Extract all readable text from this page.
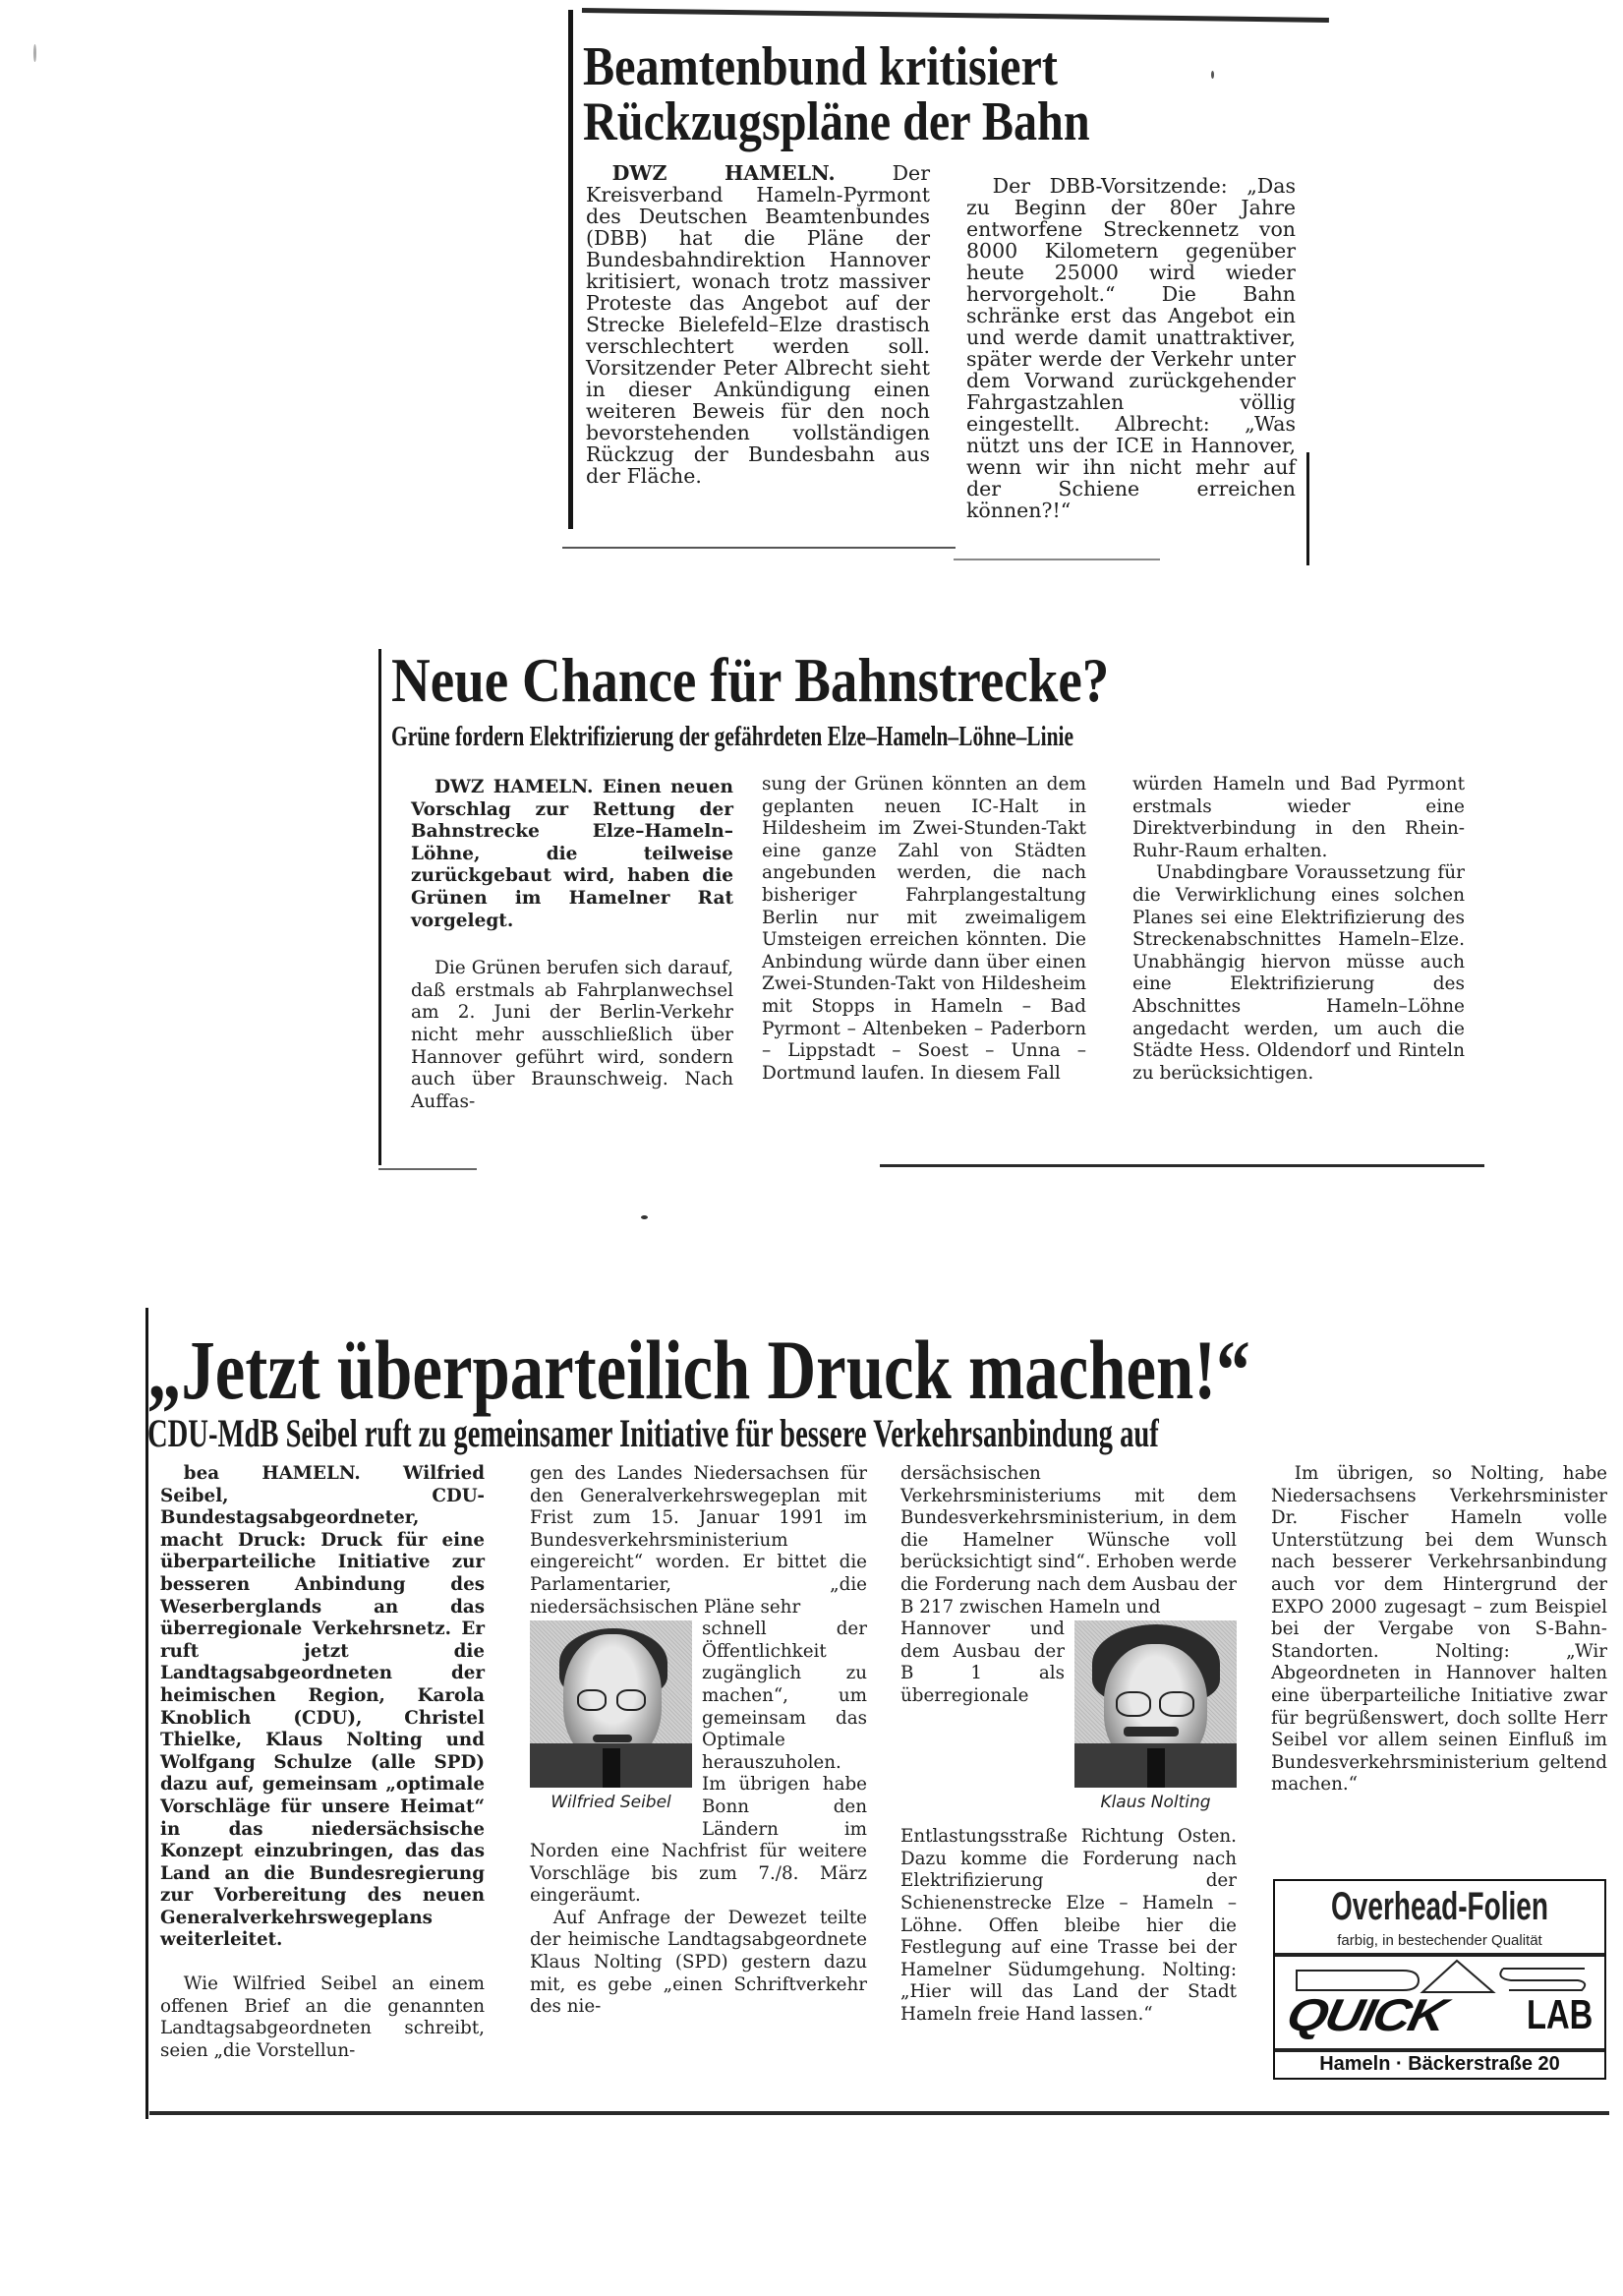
Beamtenbund kritisiert
Rückzugspläne der Bahn

DWZ HAMELN.	Der Kreisverband Hameln-Pyrmont des Deutschen Beamtenbundes (DBB) hat die Pläne der Bundesbahndirektion Hannover kritisiert, wonach trotz massiver Proteste das Angebot auf der Strecke Bielefeld–Elze drastisch verschlechtert werden soll. Vorsitzender Peter Albrecht sieht in dieser Ankündigung einen weiteren Beweis für den noch bevorstehenden vollständigen Rückzug der Bundesbahn aus der Fläche.

Der DBB-Vorsitzende: „Das zu Beginn der 80er Jahre entworfene Streckennetz von 8000 Kilometern gegenüber heute 25000 wird wieder hervorgeholt.“ Die Bahn schränke erst das Angebot ein und werde damit unattraktiver, später werde der Verkehr unter dem Vorwand zurückgehender Fahrgastzahlen völlig eingestellt. Albrecht: „Was nützt uns der ICE in Hannover, wenn wir ihn nicht mehr auf der Schiene erreichen können?!“

Neue Chance für Bahnstrecke?
Grüne fordern Elektrifizierung der gefährdeten Elze–Hameln–Löhne–Linie

DWZ HAMELN. Einen neuen Vorschlag zur Rettung der Bahnstrecke Elze–Hameln–Löhne, die teilweise zurückgebaut wird, haben die Grünen im Hamelner Rat vorgelegt.

Die Grünen berufen sich darauf, daß erstmals ab Fahrplanwechsel am 2. Juni der Berlin-Verkehr nicht mehr ausschließlich über Hannover geführt wird, sondern auch über Braunschweig. Nach Auffas-

sung der Grünen könnten an dem geplanten neuen IC-Halt in Hildesheim im Zwei-Stunden-Takt eine ganze Zahl von Städten angebunden werden, die nach bisheriger Fahrplangestaltung Berlin nur mit zweimaligem Umsteigen erreichen könnten. Die Anbindung würde dann über einen Zwei-Stunden-Takt von Hildesheim mit Stopps in Hameln – Bad Pyrmont – Altenbeken – Paderborn – Lippstadt – Soest – Unna – Dortmund laufen. In diesem Fall

würden Hameln und Bad Pyrmont erstmals wieder eine Direktverbindung in den Rhein-Ruhr-Raum erhalten.

Unabdingbare Voraussetzung für die Verwirklichung eines solchen Planes sei eine Elektrifizierung des Streckenabschnittes Hameln–Elze. Unabhängig hiervon müsse auch eine Elektrifizierung des Abschnittes Hameln–Löhne angedacht werden, um auch die Städte Hess. Oldendorf und Rinteln zu berücksichtigen.

„Jetzt überparteilich Druck machen!“
CDU-MdB Seibel ruft zu gemeinsamer Initiative für bessere Verkehrsanbindung auf

bea HAMELN. Wilfried Seibel, CDU-Bundestagsabgeordneter, macht Druck: Druck für eine überparteiliche Initiative zur besseren Anbindung des Weserberglands an das überregionale Verkehrsnetz. Er ruft jetzt die Landtagsabgeordneten der heimischen Region, Karola Knoblich (CDU), Christel Thielke, Klaus Nolting und Wolfgang Schulze (alle SPD) dazu auf, gemeinsam „optimale Vorschläge für unsere Heimat“ in das niedersächsische Konzept einzubringen, das das Land an die Bundesregierung zur Vorbereitung des neuen Generalverkehrswegeplans weiterleitet.

Wie Wilfried Seibel an einem offenen Brief an die genannten Landtagsabgeordneten schreibt, seien „die Vorstellun-

gen des Landes Niedersachsen für den Generalverkehrswegeplan mit Frist zum 15. Januar 1991 im Bundesverkehrsministerium eingereicht“ worden. Er bittet die Parlamentarier, „die niedersächsischen Pläne sehr

Wilfried Seibel

schnell der Öffentlichkeit zugänglich zu machen“, um gemeinsam das Optimale herauszuholen. Im übrigen habe Bonn den Ländern im Norden eine Nachfrist für weitere Vorschläge bis zum 7./8. März eingeräumt.

Auf Anfrage der Dewezet teilte der heimische Landtagsabgeordnete Klaus Nolting (SPD) gestern dazu mit, es gebe „einen Schriftverkehr des nie-

dersächsischen Verkehrsministeriums mit dem Bundesverkehrsministerium, in dem die Hamelner Wünsche voll berücksichtigt sind“. Erhoben werde die Forderung nach dem Ausbau der B 217 zwischen Hameln und

Klaus Nolting

Hannover und dem Ausbau der B 1 als überregionale Entlastungsstraße Richtung Osten. Dazu komme die Forderung nach Elektrifizierung der Schienenstrecke Elze – Hameln – Löhne. Offen bleibe hier die Festlegung auf eine Trasse bei der Hamelner Südumgehung. Nolting: „Hier will das Land der Stadt Hameln freie Hand lassen.“

Im übrigen, so Nolting, habe Niedersachsens Verkehrsminister Dr. Fischer Hameln volle Unterstützung bei dem Wunsch nach besserer Verkehrsanbindung auch vor dem Hintergrund der EXPO 2000 zugesagt – zum Beispiel bei der Vergabe von S-Bahn-Standorten. Nolting: „Wir Abgeordneten in Hannover halten eine überparteiliche Initiative zwar für begrüßenswert, doch sollte Herr Seibel vor allem seinen Einfluß im Bundesverkehrsministerium geltend machen.“

Overhead-Folien
farbig, in bestechender Qualität
QUICK LAB
Hameln · Bäckerstraße 20
